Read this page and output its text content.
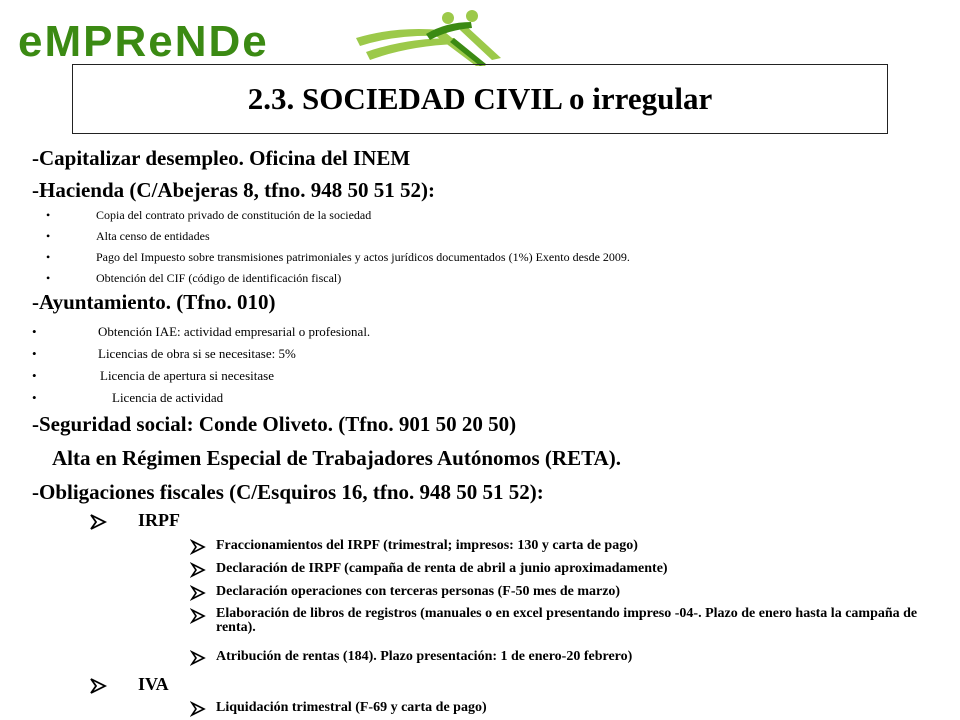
eMPReNDe
2.3. SOCIEDAD CIVIL o irregular
-Capitalizar desempleo. Oficina del INEM
-Hacienda (C/Abejeras 8, tfno. 948 50 51 52):
•	Copia del contrato privado de constitución de la sociedad
•	Alta censo de entidades
•	Pago del Impuesto sobre transmisiones patrimoniales y actos jurídicos documentados (1%) Exento desde 2009.
•	Obtención del CIF (código de identificación fiscal)
-Ayuntamiento. (Tfno. 010)
•	Obtención IAE: actividad empresarial o profesional.
•	Licencias de obra si se necesitase: 5%
•	Licencia de apertura si necesitase
•	Licencia de actividad
-Seguridad social: Conde Oliveto. (Tfno. 901 50 20 50)
Alta en Régimen Especial de Trabajadores Autónomos (RETA).
-Obligaciones fiscales (C/Esquiros 16, tfno. 948 50 51 52):
IRPF
Fraccionamientos del IRPF (trimestral; impresos: 130 y carta de pago)
Declaración de IRPF (campaña de renta de abril a junio aproximadamente)
Declaración operaciones con terceras personas (F-50 mes de marzo)
Elaboración de libros de registros (manuales o en excel presentando impreso -04-. Plazo de enero hasta la campaña de renta).
Atribución de rentas (184). Plazo presentación: 1 de enero-20 febrero)
IVA
Liquidación trimestral (F-69 y carta de pago)
